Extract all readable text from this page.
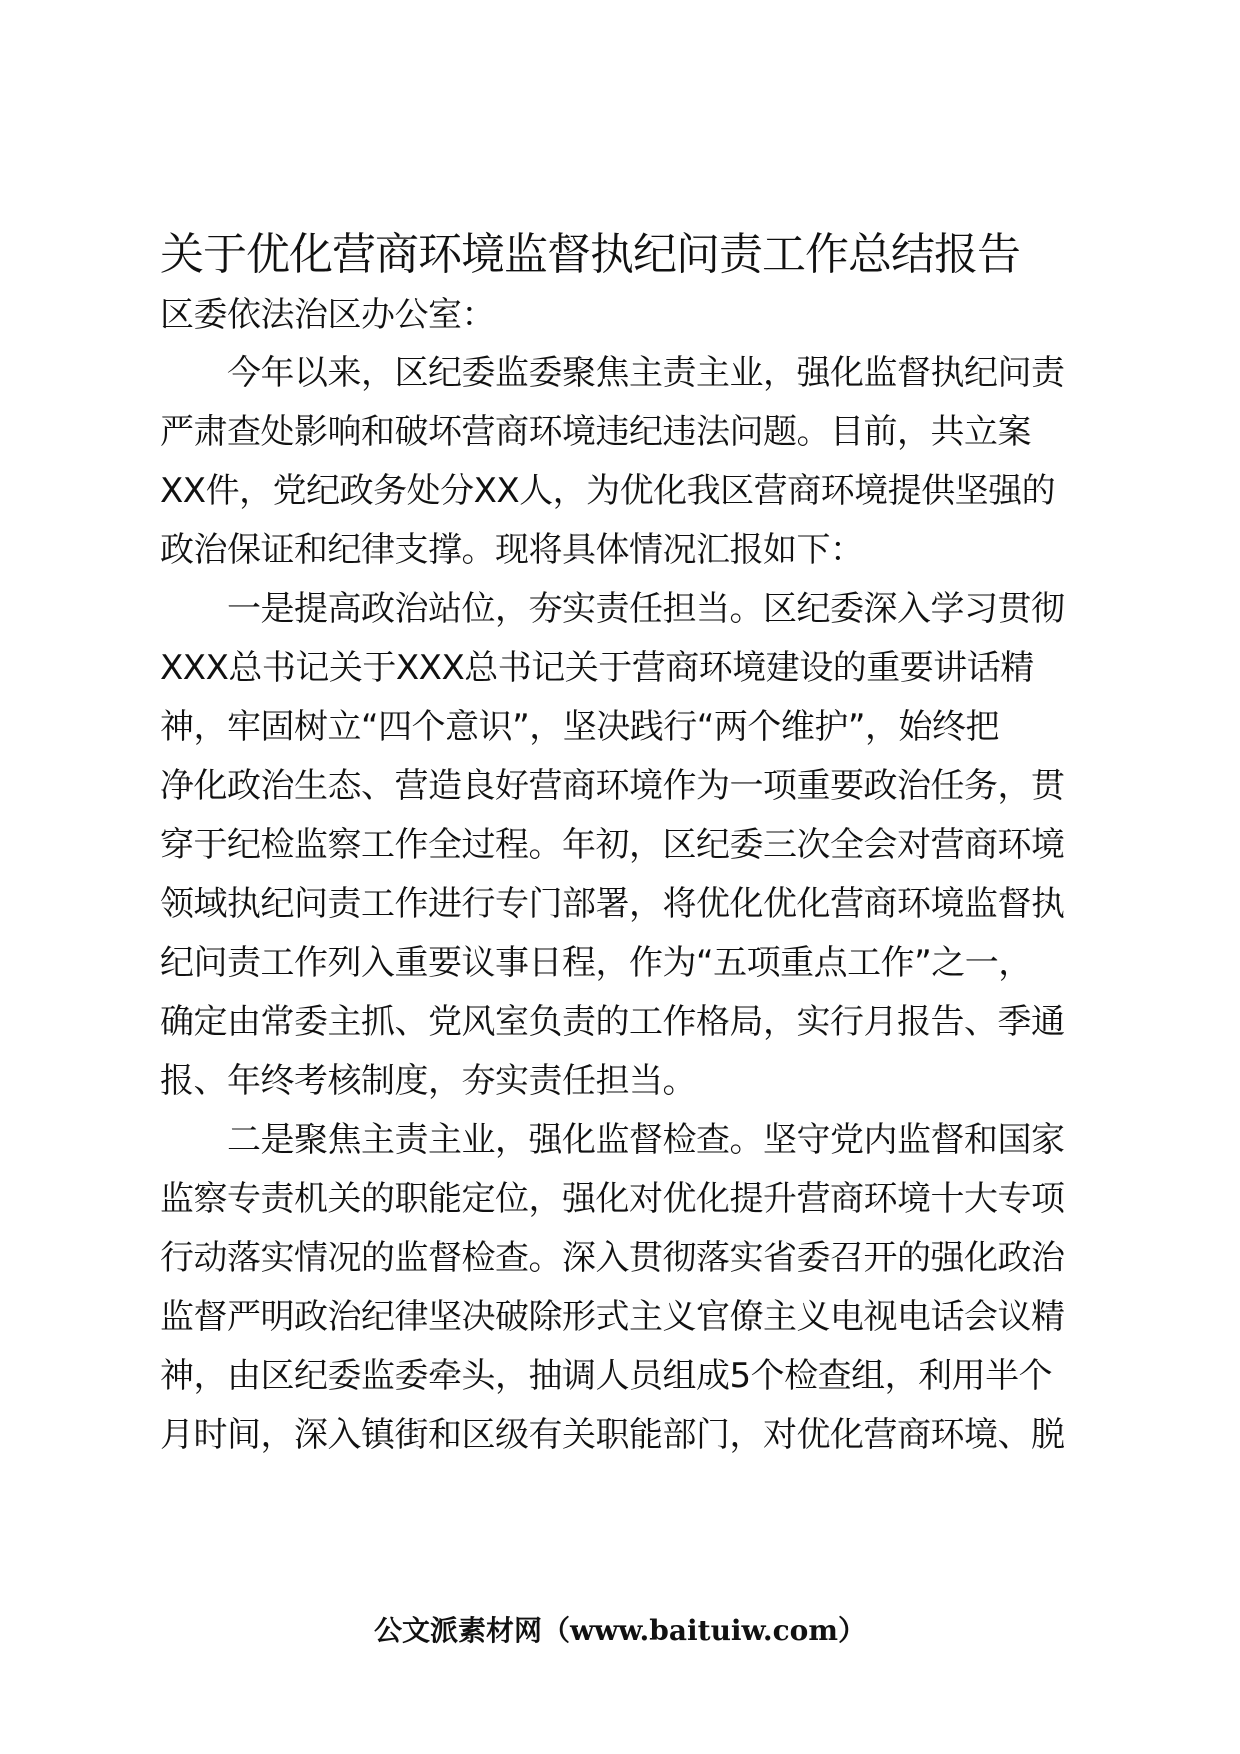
关于优化营商环境监督执纪问责工作总结报告
区委依法治区办公室：
　　今年以来，区纪委监委聚焦主责主业，强化监督执纪问责
严肃查处影响和破坏营商环境违纪违法问题。目前，共立案
XX件，党纪政务处分XX人，为优化我区营商环境提供坚强的
政治保证和纪律支撑。现将具体情况汇报如下：
　　一是提高政治站位，夯实责任担当。区纪委深入学习贯彻
XXX总书记关于XXX总书记关于营商环境建设的重要讲话精
神，牢固树立“四个意识”，坚决践行“两个维护”，始终把
净化政治生态、营造良好营商环境作为一项重要政治任务，贯
穿于纪检监察工作全过程。年初，区纪委三次全会对营商环境
领域执纪问责工作进行专门部署，将优化优化营商环境监督执
纪问责工作列入重要议事日程，作为“五项重点工作”之一，
确定由常委主抓、党风室负责的工作格局，实行月报告、季通
报、年终考核制度，夯实责任担当。
　　二是聚焦主责主业，强化监督检查。坚守党内监督和国家
监察专责机关的职能定位，强化对优化提升营商环境十大专项
行动落实情况的监督检查。深入贯彻落实省委召开的强化政治
监督严明政治纪律坚决破除形式主义官僚主义电视电话会议精
神，由区纪委监委牵头，抽调人员组成5个检查组，利用半个
月时间，深入镇街和区级有关职能部门，对优化营商环境、脱
公文派素材网（www.baituiw.com）
